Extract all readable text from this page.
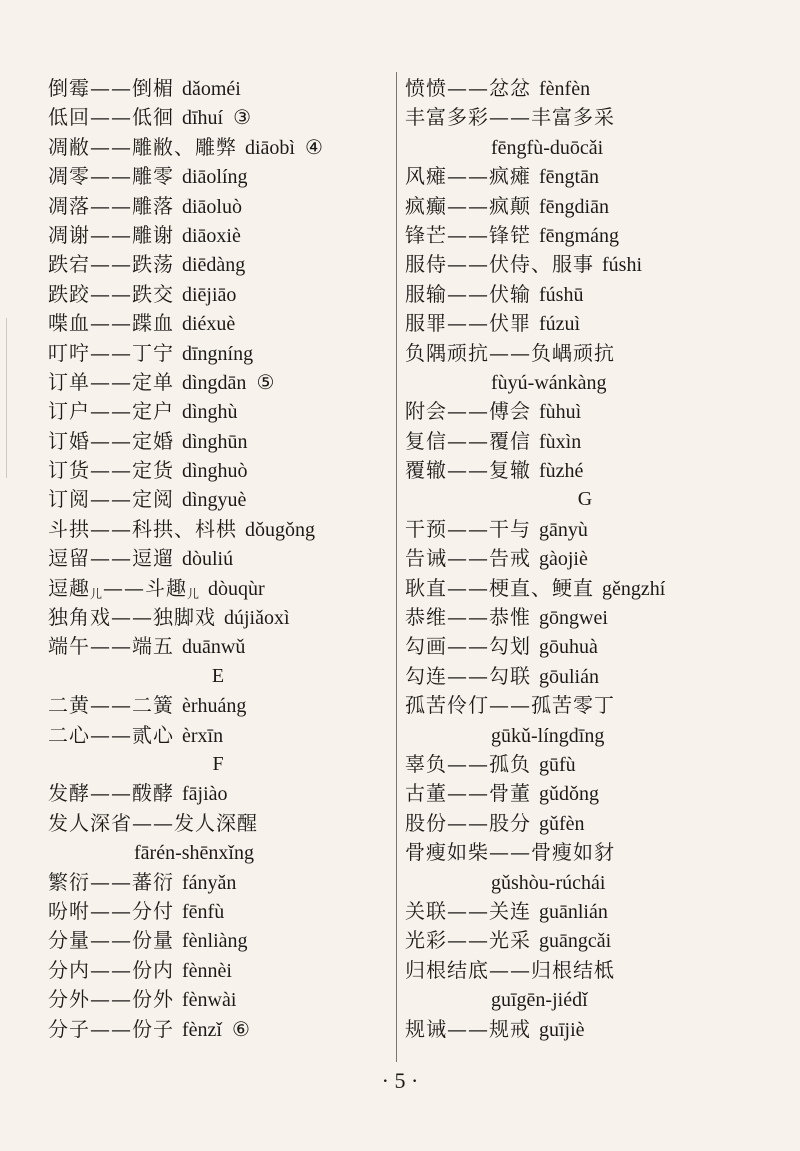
倒霉——倒楣 dǎoméi
低回——低徊 dīhuí ③
凋敝——雕敝、雕弊 diāobì ④
凋零——雕零 diāolíng
凋落——雕落 diāoluò
凋谢——雕谢 diāoxiè
跌宕——跌荡 diēdàng
跌跤——跌交 diējiāo
喋血——蹀血 diéxuè
叮咛——丁宁 dīngníng
订单——定单 dìngdān ⑤
订户——定户 dìnghù
订婚——定婚 dìnghūn
订货——定货 dìnghuò
订阅——定阅 dìngyuè
斗拱——科拱、枓栱 dǒugǒng
逗留——逗遛 dòuliú
逗趣$_儿$——斗趣$_儿$ dòuqùr
独角戏——独脚戏 dújiǎoxì
端午——端五 duānwǔ
E
二黄——二簧 èrhuáng
二心——贰心 èrxīn
F
发酵——酦酵 fājiào
发人深省——发人深醒
fārén-shēnxǐng
繁衍——蕃衍 fányǎn
吩咐——分付 fēnfù
分量——份量 fènliàng
分内——份内 fènnèi
分外——份外 fènwài
分子——份子 fènzǐ ⑥
愤愤——忿忿 fènfèn
丰富多彩——丰富多采
fēngfù-duōcǎi
风瘫——疯瘫 fēngtān
疯癫——疯颠 fēngdiān
锋芒——锋铓 fēngmáng
服侍——伏侍、服事 fúshi
服输——伏输 fúshū
服罪——伏罪 fúzuì
负隅顽抗——负嵎顽抗
fùyú-wánkàng
附会——傅会 fùhuì
复信——覆信 fùxìn
覆辙——复辙 fùzhé
G
干预——干与 gānyù
告诫——告戒 gàojiè
耿直——梗直、鲠直 gěngzhí
恭维——恭惟 gōngwei
勾画——勾划 gōuhuà
勾连——勾联 gōulián
孤苦伶仃——孤苦零丁
gūkǔ-língdīng
辜负——孤负 gūfù
古董——骨董 gǔdǒng
股份——股分 gǔfèn
骨瘦如柴——骨瘦如豺
gǔshòu-rúchái
关联——关连 guānlián
光彩——光采 guāngcǎi
归根结底——归根结柢
guīgēn-jiédǐ
规诫——规戒 guījiè
· 5 ·
